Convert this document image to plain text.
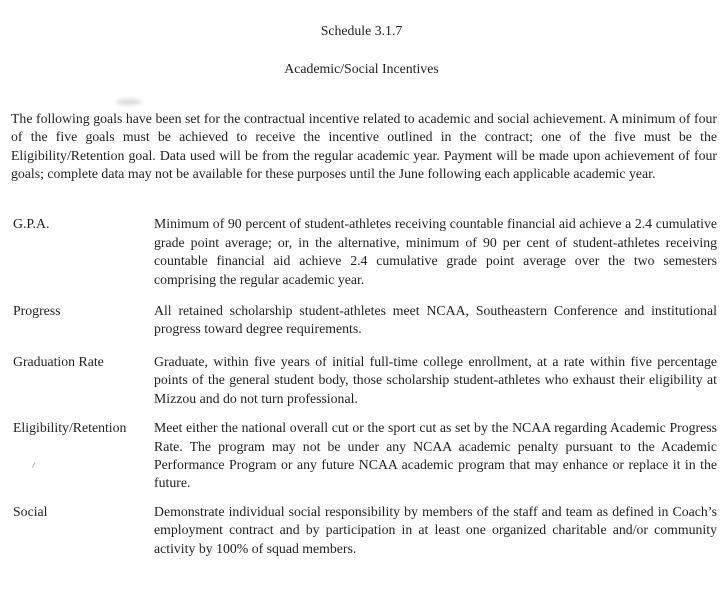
Schedule 3.1.7
Academic/Social Incentives

The following goals have been set for the contractual incentive related to academic and social achievement. A minimum of four of the five goals must be achieved to receive the incentive outlined in the contract; one of the five must be the Eligibility/Retention goal. Data used will be from the regular academic year. Payment will be made upon achievement of four goals; complete data may not be available for these purposes until the June following each applicable academic year.

G.P.A.	Minimum of 90 percent of student-athletes receiving countable financial aid achieve a 2.4 cumulative grade point average; or, in the alternative, minimum of 90 per cent of student-athletes receiving countable financial aid achieve 2.4 cumulative grade point average over the two semesters comprising the regular academic year.
Progress	All retained scholarship student-athletes meet NCAA, Southeastern Conference and institutional progress toward degree requirements.
Graduation Rate	Graduate, within five years of initial full-time college enrollment, at a rate within five percentage points of the general student body, those scholarship student-athletes who exhaust their eligibility at Mizzou and do not turn professional.
Eligibility/Retention	Meet either the national overall cut or the sport cut as set by the NCAA regarding Academic Progress Rate. The program may not be under any NCAA academic penalty pursuant to the Academic Performance Program or any future NCAA academic program that may enhance or replace it in the future.
Social	Demonstrate individual social responsibility by members of the staff and team as defined in Coach’s employment contract and by participation in at least one organized charitable and/or community activity by 100% of squad members.
